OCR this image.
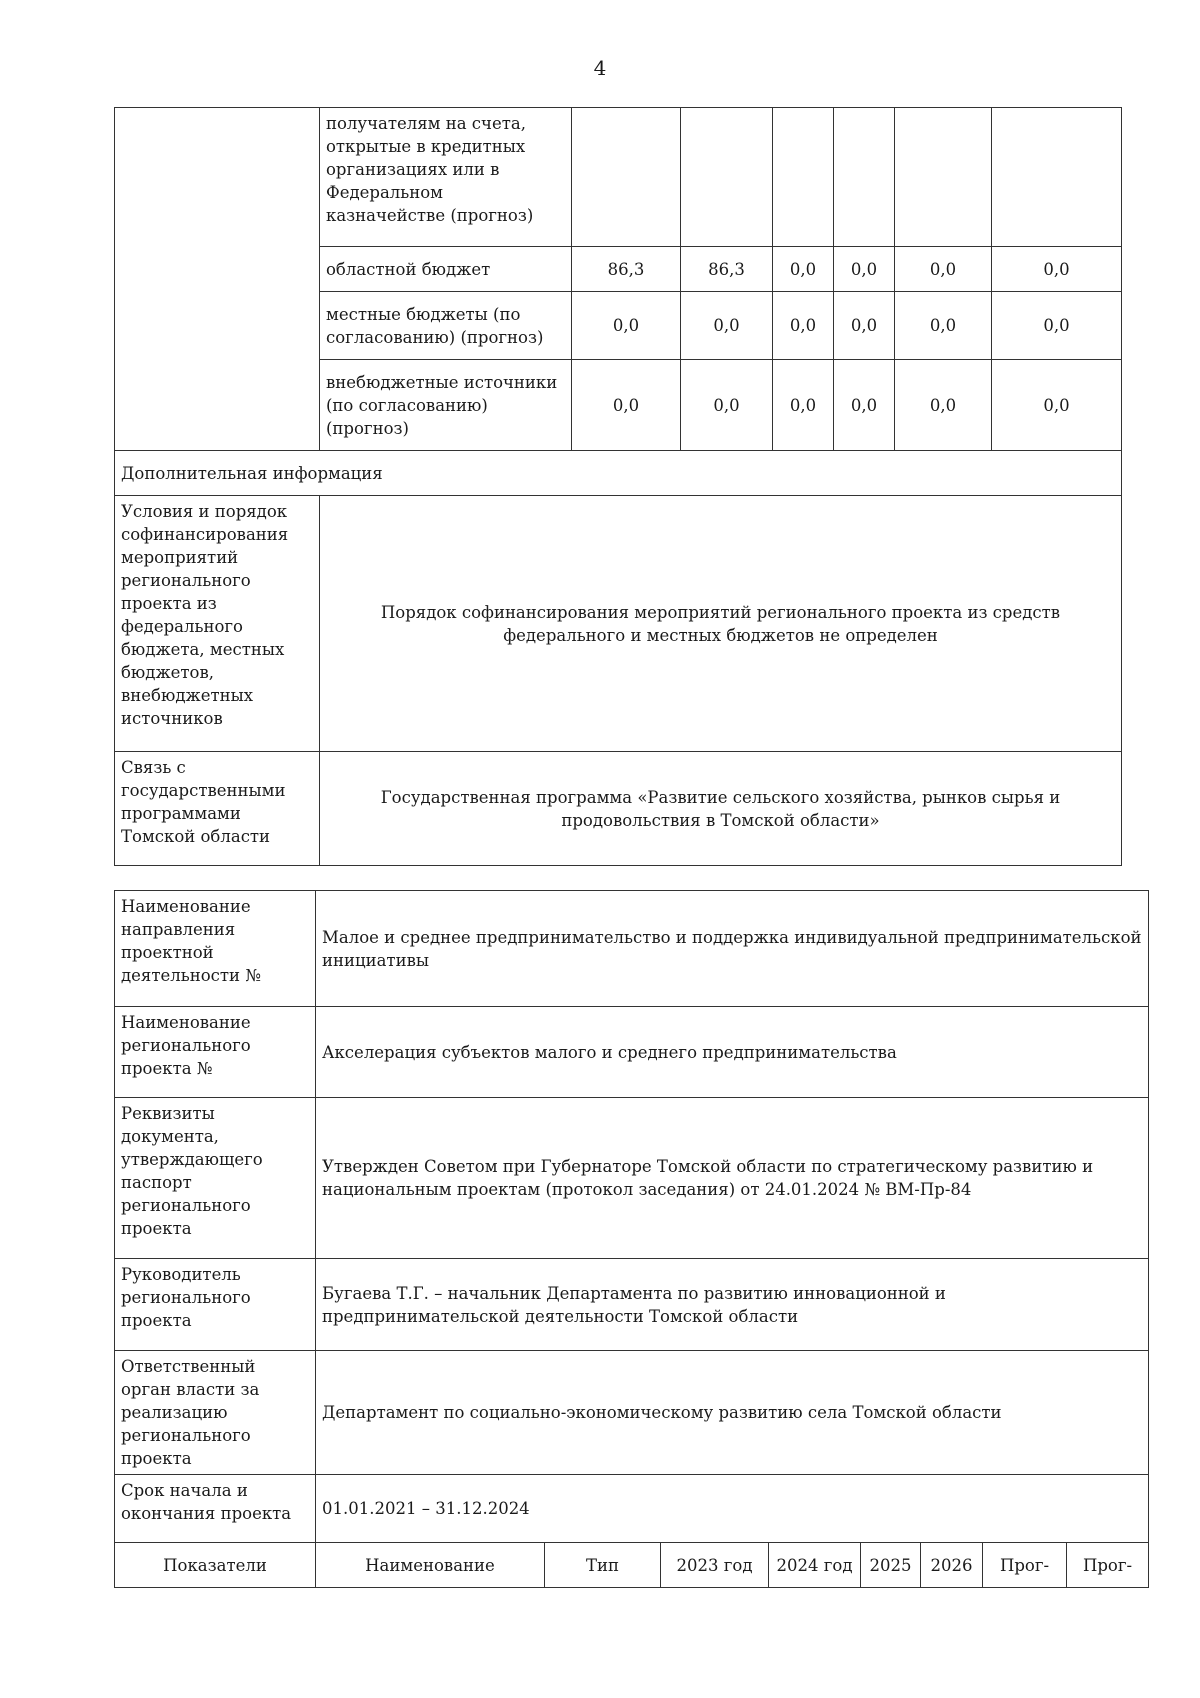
4
	получателям на счета, открытые в кредитных организациях или в Федеральном казначействе (прогноз)						
	областной бюджет	86,3	86,3	0,0	0,0	0,0	0,0
	местные бюджеты (по согласованию) (прогноз)	0,0	0,0	0,0	0,0	0,0	0,0
	внебюджетные источники (по согласованию) (прогноз)	0,0	0,0	0,0	0,0	0,0	0,0
Дополнительная информация							
Условия и порядок софинансирования мероприятий регионального проекта из федерального бюджета, местных бюджетов, внебюджетных источников	Порядок софинансирования мероприятий регионального проекта из средств федерального и местных бюджетов не определен						
Связь с государственными программами Томской области	Государственная программа «Развитие сельского хозяйства, рынков сырья и продовольствия в Томской области»						
Наименование направления проектной деятельности №	Малое и среднее предпринимательство и поддержка индивидуальной предпринимательской инициативы							
Наименование регионального проекта №	Акселерация субъектов малого и среднего предпринимательства							
Реквизиты документа, утверждающего паспорт регионального проекта	Утвержден Советом при Губернаторе Томской области по стратегическому развитию и национальным проектам (протокол заседания) от 24.01.2024 № ВМ-Пр-84							
Руководитель регионального проекта	Бугаева Т.Г. – начальник Департамента по развитию инновационной и предпринимательской деятельности Томской области							
Ответственный орган власти за реализацию регионального проекта	Департамент по социально-экономическому развитию села Томской области							
Срок начала и окончания проекта	01.01.2021 – 31.12.2024							
Показатели	Наименование	Тип	2023 год	2024 год	2025	2026	Прог-	Прог-
